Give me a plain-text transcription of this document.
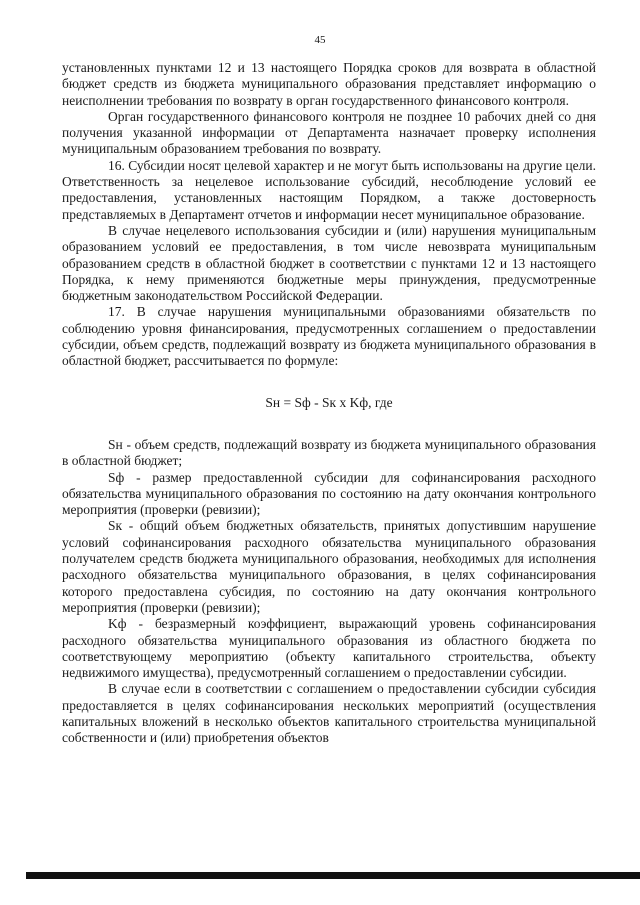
45

установленных пунктами 12 и 13 настоящего Порядка сроков для возврата в областной бюджет средств из бюджета муниципального образования представляет информацию о неисполнении требования по возврату в орган государственного финансового контроля.

Орган государственного финансового контроля не позднее 10 рабочих дней со дня получения указанной информации от Департамента назначает проверку исполнения муниципальным образованием требования по возврату.

16. Субсидии носят целевой характер и не могут быть использованы на другие цели. Ответственность за нецелевое использование субсидий, несоблюдение условий ее предоставления, установленных настоящим Порядком, а также достоверность представляемых в Департамент отчетов и информации несет муниципальное образование.

В случае нецелевого использования субсидии и (или) нарушения муниципальным образованием условий ее предоставления, в том числе невозврата муниципальным образованием средств в областной бюджет в соответствии с пунктами 12 и 13 настоящего Порядка, к нему применяются бюджетные меры принуждения, предусмотренные бюджетным законодательством Российской Федерации.

17. В случае нарушения муниципальными образованиями обязательств по соблюдению уровня финансирования, предусмотренных соглашением о предоставлении субсидии, объем средств, подлежащий возврату из бюджета муниципального образования в областной бюджет, рассчитывается по формуле:

Sн = Sф - Sк x Kф, где

Sн - объем средств, подлежащий возврату из бюджета муниципального образования в областной бюджет;

Sф - размер предоставленной субсидии для софинансирования расходного обязательства муниципального образования по состоянию на дату окончания контрольного мероприятия (проверки (ревизии);

Sк - общий объем бюджетных обязательств, принятых допустившим нарушение условий софинансирования расходного обязательства муниципального образования получателем средств бюджета муниципального образования, необходимых для исполнения расходного обязательства муниципального образования, в целях софинансирования которого предоставлена субсидия, по состоянию на дату окончания контрольного мероприятия (проверки (ревизии);

Kф - безразмерный коэффициент, выражающий уровень софинансирования расходного обязательства муниципального образования из областного бюджета по соответствующему мероприятию (объекту капитального строительства, объекту недвижимого имущества), предусмотренный соглашением о предоставлении субсидии.

В случае если в соответствии с соглашением о предоставлении субсидии субсидия предоставляется в целях софинансирования нескольких мероприятий (осуществления капитальных вложений в несколько объектов капитального строительства муниципальной собственности и (или) приобретения объектов
